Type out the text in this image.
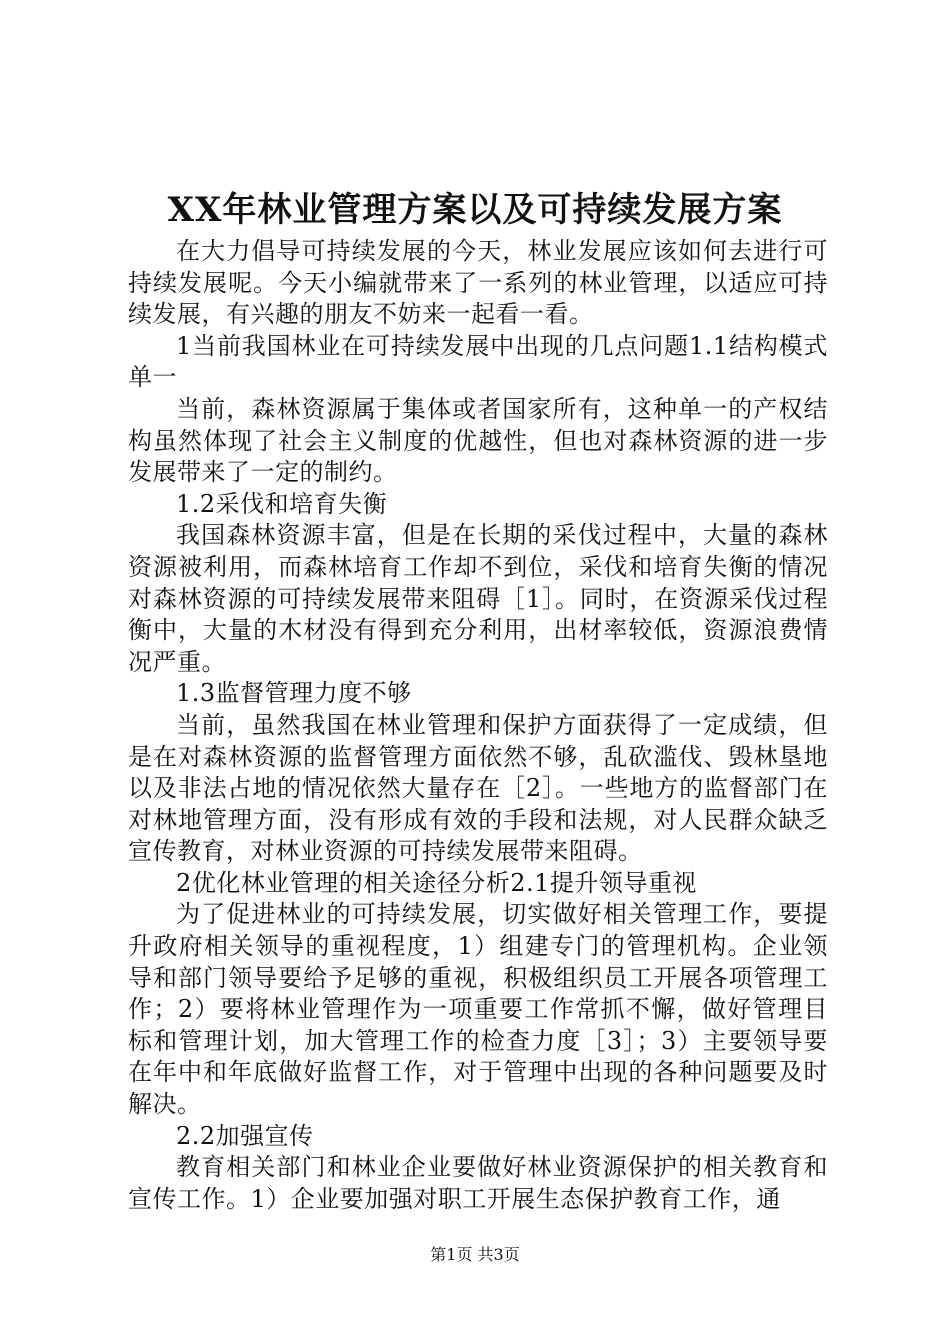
XX年林业管理方案以及可持续发展方案

在大力倡导可持续发展的今天，林业发展应该如何去进行可持续发展呢。今天小编就带来了一系列的林业管理，以适应可持续发展，有兴趣的朋友不妨来一起看一看。

1当前我国林业在可持续发展中出现的几点问题1.1结构模式单一

当前，森林资源属于集体或者国家所有，这种单一的产权结构虽然体现了社会主义制度的优越性，但也对森林资源的进一步发展带来了一定的制约。

1.2采伐和培育失衡

我国森林资源丰富，但是在长期的采伐过程中，大量的森林资源被利用，而森林培育工作却不到位，采伐和培育失衡的情况对森林资源的可持续发展带来阻碍［1］。同时，在资源采伐过程衡中，大量的木材没有得到充分利用，出材率较低，资源浪费情况严重。

1.3监督管理力度不够

当前，虽然我国在林业管理和保护方面获得了一定成绩，但是在对森林资源的监督管理方面依然不够，乱砍滥伐、毁林垦地以及非法占地的情况依然大量存在［2］。一些地方的监督部门在对林地管理方面，没有形成有效的手段和法规，对人民群众缺乏宣传教育，对林业资源的可持续发展带来阻碍。

2优化林业管理的相关途径分析2.1提升领导重视

为了促进林业的可持续发展，切实做好相关管理工作，要提升政府相关领导的重视程度，1）组建专门的管理机构。企业领导和部门领导要给予足够的重视，积极组织员工开展各项管理工作；2）要将林业管理作为一项重要工作常抓不懈，做好管理目标和管理计划，加大管理工作的检查力度［3］；3）主要领导要在年中和年底做好监督工作，对于管理中出现的各种问题要及时解决。

2.2加强宣传

教育相关部门和林业企业要做好林业资源保护的相关教育和宣传工作。1）企业要加强对职工开展生态保护教育工作，通

第1页 共3页
